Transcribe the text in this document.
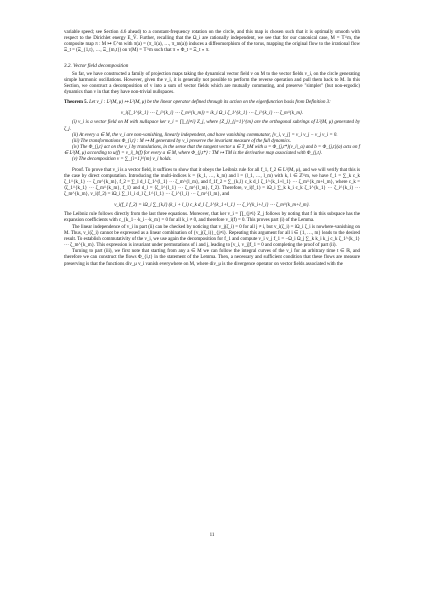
variable speed; see Section 4.6 ahead) to a constant-frequency rotation on the circle, and this map is chosen such that it is optimally smooth with respect to the Dirichlet energy E_Ṽ. Further, recalling that the Ω_i are rationally independent, we see that for our canonical case, M = 𝕋^m, the composite map π : M ↦ ℂ^m with π(a) = (π_1(a), …, π_m(a)) induces a diffeomorphism of the torus, mapping the original flow to the irrational flow Ξ_t = (Ξ_{1,t}, …, Ξ_{m,t}) on τ(M) = 𝕋^m such that π ∘ Φ_t = Ξ_t ∘ π.

3.2. Vector field decomposition

So far, we have constructed a family of projection maps taking the dynamical vector field v on M to the vector fields v_i, on the circle generating simple harmonic oscillations. However, given the v_i, it is generally not possible to perform the reverse operation and pull them back to M. In this Section, we construct a decomposition of v into a sum of vector fields which are mutually commuting, and preserve "simpler" (but non-ergodic) dynamics than v in that they have non-trivial nullspaces.

Theorem 5. Let v_i : L²(M, μ) ↦ L²(M, μ) be the linear operator defined through its action on the eigenfunction basis from Definition 3:

v_i(ζ_1^{k_1} ⋯ ζ_i^{k_i} ⋯ ζ_m^{k_m}) = ik_i Ω_i ζ_1^{k_1} ⋯ ζ_i^{k_i} ⋯ ζ_m^{k_m}.

(i) v_i is a vector field on M with nullspace ker v_i = ∏_{j≠i} Z_j, where {Z_j}_{j=1}^{m} are the orthogonal subrings of L²(M, μ) generated by ζ_j.

(ii) At every a ∈ M, the v_i are non-vanishing, linearly independent, and have vanishing commutator, [v_i, v_j] = v_i v_j − v_j v_i = 0.

(iii) The transformations Φ_{i,t} : M ↦ M generated by v_i preserve the invariant measure of the full dynamics.

(iv) The Φ_{j,t} act on the v_i by translations, in the sense that the tangent vector u ∈ T_bM with u = Φ_{j,t*}(v_i|_a) and b = Φ_{j,t}(a) acts on f ∈ L²(M, μ) according to u(f) = v_i|_b(f) for every a ∈ M, where Φ_{j,t*} : TM ↦ TM is the derivative map associated with Φ_{j,t}.

(v) The decomposition v = ∑_{i=1}^{m} v_i holds.

Proof. To prove that v_i is a vector field, it suffices to show that it obeys the Leibniz rule for all f_1, f_2 ∈ L²(M, μ), and we will verify that this is the case by direct computation. Introducing the multi-indices k = (k_1, …, k_m) and l = (l_1, …, l_m) with k, l ∈ ℤ^m, we have f_1 = ∑_k c_k ζ_1^{k_1} ⋯ ζ_m^{k_m}, f_2 = ∑_l d_l ζ_1^{l_1} ⋯ ζ_m^{l_m}, and f_1f_2 = ∑_{k,l} c_k d_l ζ_1^{k_1+l_1} ⋯ ζ_m^{k_m+l_m}, where c_k = ⟨ζ_1^{k_1} ⋯ ζ_m^{k_m}, f_1⟩ and d_l = ⟨ζ_1^{l_1} ⋯ ζ_m^{l_m}, f_2⟩. Therefore, v_i(f_1) = iΩ_i ∑_k k_i c_k ζ_1^{k_1} ⋯ ζ_i^{k_i} ⋯ ζ_m^{k_m}, v_i(f_2) = iΩ_i ∑_l l_i d_l ζ_1^{l_1} ⋯ ζ_i^{l_i} ⋯ ζ_m^{l_m}, and

v_i(f_1 f_2) = iΩ_i ∑_{k,l} (k_i + l_i) c_k d_l ζ_1^{k_1+l_1} ⋯ ζ_i^{k_i+l_i} ⋯ ζ_m^{k_m+l_m}.

The Leibniz rule follows directly from the last three equations. Moreover, that ker v_i = ∏_{j≠i} Z_j follows by noting that f in this subspace has the expansion coefficients with c_{k_1⋯k_i⋯k_m} = 0 for all k_i ≠ 0, and therefore v_i(f) = 0. This proves part (i) of the Lemma.

The linear independence of v_i in part (ii) can be checked by noticing that v_j(ζ_i) = 0 for all j ≠ i, but v_i(ζ_i) = iΩ_i ζ_i is nowhere-vanishing on M. Thus, v_i(ζ_i) cannot be expressed as a linear combination of {v_j(ζ_i)}_{j≠i}. Repeating this argument for all i ∈ {1, …, m} leads to the desired result. To establish commutativity of the v_i, we use again the decomposition for f_1 and compute v_i v_j f_1 = −Ω_i Ω_j ∑_k k_i k_j c_k ζ_1^{k_1} ⋯ ζ_m^{k_m}. This expression is invariant under permutations of i and j, leading to [v_i, v_j]f_1 = 0 and completing the proof of part (ii).

Turning to part (iii), we first note that starting from any a ∈ M we can follow the integral curves of the v_i for an arbitrary time t ∈ ℝ, and therefore we can construct the flows Φ_{i,t} in the statement of the Lemma. Then, a necessary and sufficient condition that these flows are measure preserving is that the functions div_μ v_i vanish everywhere on M, where div_μ is the divergence operator on vector fields associated with the

11
